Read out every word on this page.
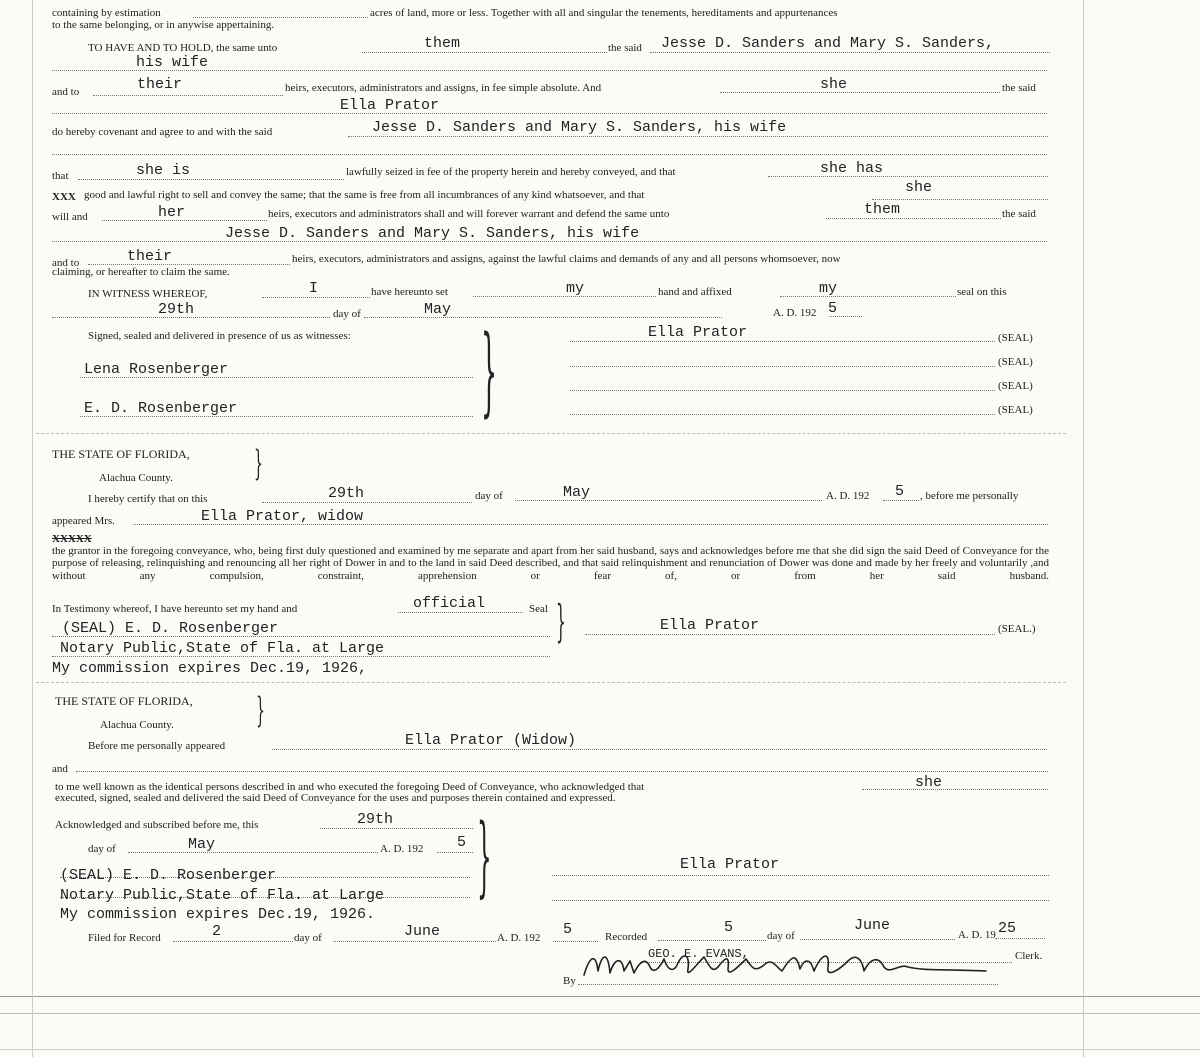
containing by estimation	acres of land, more or less. Together with all and singular the tenements, hereditaments and appurtenances
to the same belonging, or in anywise appertaining.
TO HAVE AND TO HOLD, the same unto	them	the said Jesse D. Sanders and Mary S. Sanders,
his wife
and to	their	heirs, executors, administrators and assigns, in fee simple absolute. And	she	the said
Ella Prator
do hereby covenant and agree to and with the said	Jesse D. Sanders and Mary S. Sanders, his wife
that	she is	lawfully seized in fee of the property herein and hereby conveyed, and that	she has
XXX good and lawful right to sell and convey the same; that the same is free from all incumbrances of any kind whatsoever, and that	she
will and	her	heirs, executors and administrators shall and will forever warrant and defend the same unto	them	the said
Jesse D. Sanders and Mary S. Sanders, his wife
and to	their	heirs, executors, administrators and assigns, against the lawful claims and demands of any and all persons whomsoever, now
claiming, or hereafter to claim the same.
IN WITNESS WHEREOF,	I	have hereunto set	my	hand and affixed	my	seal on this
29th	day of	May	A. D. 192 5
Signed, sealed and delivered in presence of us as witnesses:
Lena Rosenberger
E. D. Rosenberger	}	Ella Prator	(SEAL)
(SEAL)
(SEAL)
(SEAL)
THE STATE OF FLORIDA,
Alachua County.	}
I hereby certify that on this	29th	day of	May	A. D. 192 5 , before me personally
appeared Mrs.	Ella Prator, widow
XXXXX
the grantor in the foregoing conveyance, who, being first duly questioned and examined by me separate and apart from her said husband, says and acknowledges before me that she did sign the said Deed of Conveyance for the purpose of releasing, relinquishing and renouncing all her right of Dower in and to the land in said Deed described, and that said relinquishment and renunciation of Dower was done and made by her freely and voluntarily ,and without any compulsion, constraint, apprehension or fear of, or from her said husband.
In Testimony whereof, I have hereunto set my hand and	official	Seal }
(SEAL) E. D. Rosenberger
Notary Public,State of Fla. at Large
My commission expires Dec.19, 1926,
Ella Prator	(SEAL.)
THE STATE OF FLORIDA,
Alachua County.	}
Before me personally appeared	Ella Prator (Widow)
and
to me well known as the identical persons described in and who executed the foregoing Deed of Conveyance, who acknowledged that	she
executed, signed, sealed and delivered the said Deed of Conveyance for the uses and purposes therein contained and expressed.
Acknowledged and subscribed before me, this	29th
day of	May	A. D. 192 5 }
(SEAL) E. D. Rosenberger
Notary Public,State of Fla. at Large
My commission expires Dec.19, 1926.
Ella Prator
Filed for Record	2	day of	June	A. D. 192 5	Recorded
5	day of
June
A. D. 19 25
GEO. E. EVANS,	Clerk.
By
